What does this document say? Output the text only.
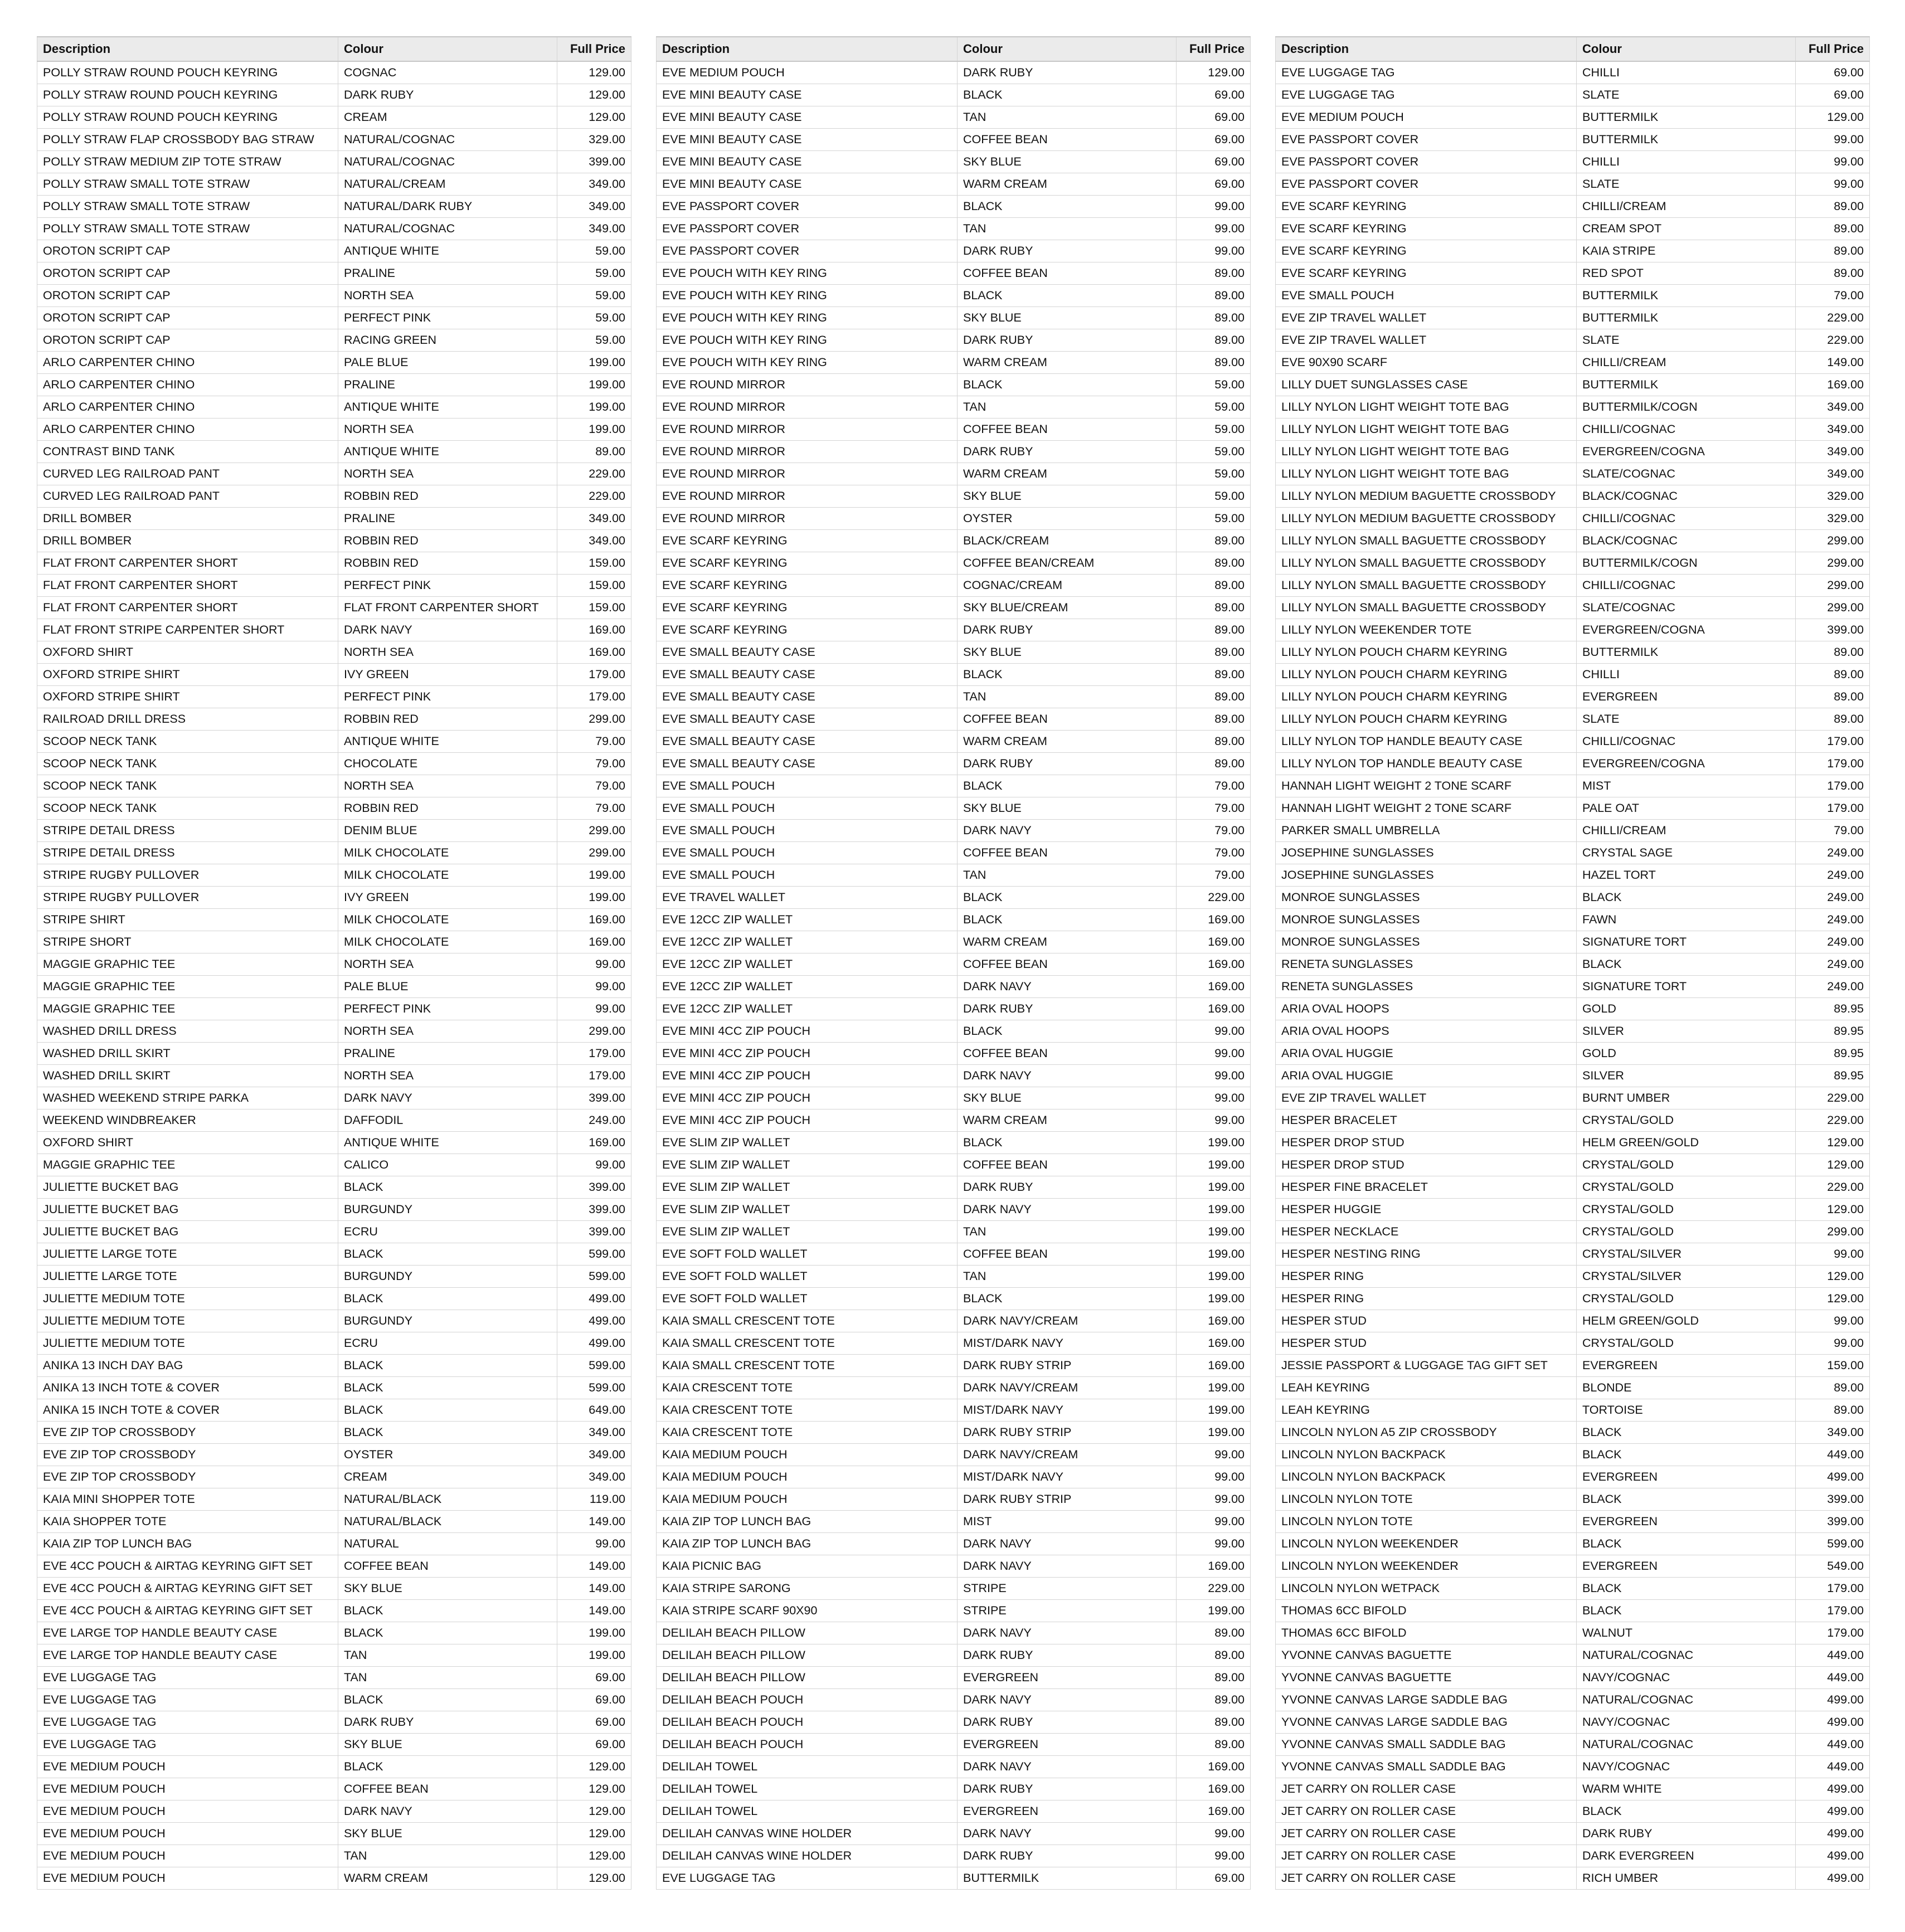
Description	Colour	Full Price
POLLY STRAW ROUND POUCH KEYRING	COGNAC	129.00
POLLY STRAW ROUND POUCH KEYRING	DARK RUBY	129.00
POLLY STRAW ROUND POUCH KEYRING	CREAM	129.00
POLLY STRAW FLAP CROSSBODY BAG STRAW	NATURAL/COGNAC	329.00
POLLY STRAW MEDIUM ZIP TOTE STRAW	NATURAL/COGNAC	399.00
POLLY STRAW SMALL TOTE STRAW	NATURAL/CREAM	349.00
POLLY STRAW SMALL TOTE STRAW	NATURAL/DARK RUBY	349.00
POLLY STRAW SMALL TOTE STRAW	NATURAL/COGNAC	349.00
OROTON SCRIPT CAP	ANTIQUE WHITE	59.00
OROTON SCRIPT CAP	PRALINE	59.00
OROTON SCRIPT CAP	NORTH SEA	59.00
OROTON SCRIPT CAP	PERFECT PINK	59.00
OROTON SCRIPT CAP	RACING GREEN	59.00
ARLO CARPENTER CHINO	PALE BLUE	199.00
ARLO CARPENTER CHINO	PRALINE	199.00
ARLO CARPENTER CHINO	ANTIQUE WHITE	199.00
ARLO CARPENTER CHINO	NORTH SEA	199.00
CONTRAST BIND TANK	ANTIQUE WHITE	89.00
CURVED LEG RAILROAD PANT	NORTH SEA	229.00
CURVED LEG RAILROAD PANT	ROBBIN RED	229.00
DRILL BOMBER	PRALINE	349.00
DRILL BOMBER	ROBBIN RED	349.00
FLAT FRONT CARPENTER SHORT	ROBBIN RED	159.00
FLAT FRONT CARPENTER SHORT	PERFECT PINK	159.00
FLAT FRONT CARPENTER SHORT	FLAT FRONT CARPENTER SHORT	159.00
FLAT FRONT STRIPE CARPENTER SHORT	DARK NAVY	169.00
OXFORD SHIRT	NORTH SEA	169.00
OXFORD STRIPE SHIRT	IVY GREEN	179.00
OXFORD STRIPE SHIRT	PERFECT PINK	179.00
RAILROAD DRILL DRESS	ROBBIN RED	299.00
SCOOP NECK TANK	ANTIQUE WHITE	79.00
SCOOP NECK TANK	CHOCOLATE	79.00
SCOOP NECK TANK	NORTH SEA	79.00
SCOOP NECK TANK	ROBBIN RED	79.00
STRIPE DETAIL DRESS	DENIM BLUE	299.00
STRIPE DETAIL DRESS	MILK CHOCOLATE	299.00
STRIPE RUGBY PULLOVER	MILK CHOCOLATE	199.00
STRIPE RUGBY PULLOVER	IVY GREEN	199.00
STRIPE SHIRT	MILK CHOCOLATE	169.00
STRIPE SHORT	MILK CHOCOLATE	169.00
MAGGIE GRAPHIC TEE	NORTH SEA	99.00
MAGGIE GRAPHIC TEE	PALE BLUE	99.00
MAGGIE GRAPHIC TEE	PERFECT PINK	99.00
WASHED DRILL DRESS	NORTH SEA	299.00
WASHED DRILL SKIRT	PRALINE	179.00
WASHED DRILL SKIRT	NORTH SEA	179.00
WASHED WEEKEND STRIPE PARKA	DARK NAVY	399.00
WEEKEND WINDBREAKER	DAFFODIL	249.00
OXFORD SHIRT	ANTIQUE WHITE	169.00
MAGGIE GRAPHIC TEE	CALICO	99.00
JULIETTE BUCKET BAG	BLACK	399.00
JULIETTE BUCKET BAG	BURGUNDY	399.00
JULIETTE BUCKET BAG	ECRU	399.00
JULIETTE LARGE TOTE	BLACK	599.00
JULIETTE LARGE TOTE	BURGUNDY	599.00
JULIETTE MEDIUM TOTE	BLACK	499.00
JULIETTE MEDIUM TOTE	BURGUNDY	499.00
JULIETTE MEDIUM TOTE	ECRU	499.00
ANIKA 13 INCH DAY BAG	BLACK	599.00
ANIKA 13 INCH TOTE & COVER	BLACK	599.00
ANIKA 15 INCH TOTE & COVER	BLACK	649.00
EVE ZIP TOP CROSSBODY	BLACK	349.00
EVE ZIP TOP CROSSBODY	OYSTER	349.00
EVE ZIP TOP CROSSBODY	CREAM	349.00
KAIA MINI SHOPPER TOTE	NATURAL/BLACK	119.00
KAIA SHOPPER TOTE	NATURAL/BLACK	149.00
KAIA ZIP TOP LUNCH BAG	NATURAL	99.00
EVE 4CC POUCH & AIRTAG KEYRING GIFT SET	COFFEE BEAN	149.00
EVE 4CC POUCH & AIRTAG KEYRING GIFT SET	SKY BLUE	149.00
EVE 4CC POUCH & AIRTAG KEYRING GIFT SET	BLACK	149.00
EVE LARGE TOP HANDLE BEAUTY CASE	BLACK	199.00
EVE LARGE TOP HANDLE BEAUTY CASE	TAN	199.00
EVE LUGGAGE TAG	TAN	69.00
EVE LUGGAGE TAG	BLACK	69.00
EVE LUGGAGE TAG	DARK RUBY	69.00
EVE LUGGAGE TAG	SKY BLUE	69.00
EVE MEDIUM POUCH	BLACK	129.00
EVE MEDIUM POUCH	COFFEE BEAN	129.00
EVE MEDIUM POUCH	DARK NAVY	129.00
EVE MEDIUM POUCH	SKY BLUE	129.00
EVE MEDIUM POUCH	TAN	129.00
EVE MEDIUM POUCH	WARM CREAM	129.00
Description	Colour	Full Price
EVE MEDIUM POUCH	DARK RUBY	129.00
EVE MINI BEAUTY CASE	BLACK	69.00
EVE MINI BEAUTY CASE	TAN	69.00
EVE MINI BEAUTY CASE	COFFEE BEAN	69.00
EVE MINI BEAUTY CASE	SKY BLUE	69.00
EVE MINI BEAUTY CASE	WARM CREAM	69.00
EVE PASSPORT COVER	BLACK	99.00
EVE PASSPORT COVER	TAN	99.00
EVE PASSPORT COVER	DARK RUBY	99.00
EVE POUCH WITH KEY RING	COFFEE BEAN	89.00
EVE POUCH WITH KEY RING	BLACK	89.00
EVE POUCH WITH KEY RING	SKY BLUE	89.00
EVE POUCH WITH KEY RING	DARK RUBY	89.00
EVE POUCH WITH KEY RING	WARM CREAM	89.00
EVE ROUND MIRROR	BLACK	59.00
EVE ROUND MIRROR	TAN	59.00
EVE ROUND MIRROR	COFFEE BEAN	59.00
EVE ROUND MIRROR	DARK RUBY	59.00
EVE ROUND MIRROR	WARM CREAM	59.00
EVE ROUND MIRROR	SKY BLUE	59.00
EVE ROUND MIRROR	OYSTER	59.00
EVE SCARF KEYRING	BLACK/CREAM	89.00
EVE SCARF KEYRING	COFFEE BEAN/CREAM	89.00
EVE SCARF KEYRING	COGNAC/CREAM	89.00
EVE SCARF KEYRING	SKY BLUE/CREAM	89.00
EVE SCARF KEYRING	DARK RUBY	89.00
EVE SMALL BEAUTY CASE	SKY BLUE	89.00
EVE SMALL BEAUTY CASE	BLACK	89.00
EVE SMALL BEAUTY CASE	TAN	89.00
EVE SMALL BEAUTY CASE	COFFEE BEAN	89.00
EVE SMALL BEAUTY CASE	WARM CREAM	89.00
EVE SMALL BEAUTY CASE	DARK RUBY	89.00
EVE SMALL POUCH	BLACK	79.00
EVE SMALL POUCH	SKY BLUE	79.00
EVE SMALL POUCH	DARK NAVY	79.00
EVE SMALL POUCH	COFFEE BEAN	79.00
EVE SMALL POUCH	TAN	79.00
EVE TRAVEL WALLET	BLACK	229.00
EVE 12CC ZIP WALLET	BLACK	169.00
EVE 12CC ZIP WALLET	WARM CREAM	169.00
EVE 12CC ZIP WALLET	COFFEE BEAN	169.00
EVE 12CC ZIP WALLET	DARK NAVY	169.00
EVE 12CC ZIP WALLET	DARK RUBY	169.00
EVE MINI 4CC ZIP POUCH	BLACK	99.00
EVE MINI 4CC ZIP POUCH	COFFEE BEAN	99.00
EVE MINI 4CC ZIP POUCH	DARK NAVY	99.00
EVE MINI 4CC ZIP POUCH	SKY BLUE	99.00
EVE MINI 4CC ZIP POUCH	WARM CREAM	99.00
EVE SLIM ZIP WALLET	BLACK	199.00
EVE SLIM ZIP WALLET	COFFEE BEAN	199.00
EVE SLIM ZIP WALLET	DARK RUBY	199.00
EVE SLIM ZIP WALLET	DARK NAVY	199.00
EVE SLIM ZIP WALLET	TAN	199.00
EVE SOFT FOLD WALLET	COFFEE BEAN	199.00
EVE SOFT FOLD WALLET	TAN	199.00
EVE SOFT FOLD WALLET	BLACK	199.00
KAIA SMALL CRESCENT TOTE	DARK NAVY/CREAM	169.00
KAIA SMALL CRESCENT TOTE	MIST/DARK NAVY	169.00
KAIA SMALL CRESCENT TOTE	DARK RUBY STRIP	169.00
KAIA CRESCENT TOTE	DARK NAVY/CREAM	199.00
KAIA CRESCENT TOTE	MIST/DARK NAVY	199.00
KAIA CRESCENT TOTE	DARK RUBY STRIP	199.00
KAIA MEDIUM POUCH	DARK NAVY/CREAM	99.00
KAIA MEDIUM POUCH	MIST/DARK NAVY	99.00
KAIA MEDIUM POUCH	DARK RUBY STRIP	99.00
KAIA ZIP TOP LUNCH BAG	MIST	99.00
KAIA ZIP TOP LUNCH BAG	DARK NAVY	99.00
KAIA PICNIC BAG	DARK NAVY	169.00
KAIA STRIPE SARONG	STRIPE	229.00
KAIA STRIPE SCARF 90X90	STRIPE	199.00
DELILAH BEACH PILLOW	DARK NAVY	89.00
DELILAH BEACH PILLOW	DARK RUBY	89.00
DELILAH BEACH PILLOW	EVERGREEN	89.00
DELILAH BEACH POUCH	DARK NAVY	89.00
DELILAH BEACH POUCH	DARK RUBY	89.00
DELILAH BEACH POUCH	EVERGREEN	89.00
DELILAH TOWEL	DARK NAVY	169.00
DELILAH TOWEL	DARK RUBY	169.00
DELILAH TOWEL	EVERGREEN	169.00
DELILAH CANVAS WINE HOLDER	DARK NAVY	99.00
DELILAH CANVAS WINE HOLDER	DARK RUBY	99.00
EVE LUGGAGE TAG	BUTTERMILK	69.00
Description	Colour	Full Price
EVE LUGGAGE TAG	CHILLI	69.00
EVE LUGGAGE TAG	SLATE	69.00
EVE MEDIUM POUCH	BUTTERMILK	129.00
EVE PASSPORT COVER	BUTTERMILK	99.00
EVE PASSPORT COVER	CHILLI	99.00
EVE PASSPORT COVER	SLATE	99.00
EVE SCARF KEYRING	CHILLI/CREAM	89.00
EVE SCARF KEYRING	CREAM SPOT	89.00
EVE SCARF KEYRING	KAIA STRIPE	89.00
EVE SCARF KEYRING	RED SPOT	89.00
EVE SMALL POUCH	BUTTERMILK	79.00
EVE ZIP TRAVEL WALLET	BUTTERMILK	229.00
EVE ZIP TRAVEL WALLET	SLATE	229.00
EVE 90X90 SCARF	CHILLI/CREAM	149.00
LILLY DUET SUNGLASSES CASE	BUTTERMILK	169.00
LILLY NYLON LIGHT WEIGHT TOTE BAG	BUTTERMILK/COGN	349.00
LILLY NYLON LIGHT WEIGHT TOTE BAG	CHILLI/COGNAC	349.00
LILLY NYLON LIGHT WEIGHT TOTE BAG	EVERGREEN/COGNA	349.00
LILLY NYLON LIGHT WEIGHT TOTE BAG	SLATE/COGNAC	349.00
LILLY NYLON MEDIUM BAGUETTE CROSSBODY	BLACK/COGNAC	329.00
LILLY NYLON MEDIUM BAGUETTE CROSSBODY	CHILLI/COGNAC	329.00
LILLY NYLON SMALL BAGUETTE CROSSBODY	BLACK/COGNAC	299.00
LILLY NYLON SMALL BAGUETTE CROSSBODY	BUTTERMILK/COGN	299.00
LILLY NYLON SMALL BAGUETTE CROSSBODY	CHILLI/COGNAC	299.00
LILLY NYLON SMALL BAGUETTE CROSSBODY	SLATE/COGNAC	299.00
LILLY NYLON WEEKENDER TOTE	EVERGREEN/COGNA	399.00
LILLY NYLON POUCH CHARM KEYRING	BUTTERMILK	89.00
LILLY NYLON POUCH CHARM KEYRING	CHILLI	89.00
LILLY NYLON POUCH CHARM KEYRING	EVERGREEN	89.00
LILLY NYLON POUCH CHARM KEYRING	SLATE	89.00
LILLY NYLON TOP HANDLE BEAUTY CASE	CHILLI/COGNAC	179.00
LILLY NYLON TOP HANDLE BEAUTY CASE	EVERGREEN/COGNA	179.00
HANNAH LIGHT WEIGHT 2 TONE SCARF	MIST	179.00
HANNAH LIGHT WEIGHT 2 TONE SCARF	PALE OAT	179.00
PARKER SMALL UMBRELLA	CHILLI/CREAM	79.00
JOSEPHINE SUNGLASSES	CRYSTAL SAGE	249.00
JOSEPHINE SUNGLASSES	HAZEL TORT	249.00
MONROE SUNGLASSES	BLACK	249.00
MONROE SUNGLASSES	FAWN	249.00
MONROE SUNGLASSES	SIGNATURE TORT	249.00
RENETA SUNGLASSES	BLACK	249.00
RENETA SUNGLASSES	SIGNATURE TORT	249.00
ARIA OVAL HOOPS	GOLD	89.95
ARIA OVAL HOOPS	SILVER	89.95
ARIA OVAL HUGGIE	GOLD	89.95
ARIA OVAL HUGGIE	SILVER	89.95
EVE ZIP TRAVEL WALLET	BURNT UMBER	229.00
HESPER BRACELET	CRYSTAL/GOLD	229.00
HESPER DROP STUD	HELM GREEN/GOLD	129.00
HESPER DROP STUD	CRYSTAL/GOLD	129.00
HESPER FINE BRACELET	CRYSTAL/GOLD	229.00
HESPER HUGGIE	CRYSTAL/GOLD	129.00
HESPER NECKLACE	CRYSTAL/GOLD	299.00
HESPER NESTING RING	CRYSTAL/SILVER	99.00
HESPER RING	CRYSTAL/SILVER	129.00
HESPER RING	CRYSTAL/GOLD	129.00
HESPER STUD	HELM GREEN/GOLD	99.00
HESPER STUD	CRYSTAL/GOLD	99.00
JESSIE PASSPORT & LUGGAGE TAG GIFT SET	EVERGREEN	159.00
LEAH KEYRING	BLONDE	89.00
LEAH KEYRING	TORTOISE	89.00
LINCOLN NYLON A5 ZIP CROSSBODY	BLACK	349.00
LINCOLN NYLON BACKPACK	BLACK	449.00
LINCOLN NYLON BACKPACK	EVERGREEN	499.00
LINCOLN NYLON TOTE	BLACK	399.00
LINCOLN NYLON TOTE	EVERGREEN	399.00
LINCOLN NYLON WEEKENDER	BLACK	599.00
LINCOLN NYLON WEEKENDER	EVERGREEN	549.00
LINCOLN NYLON WETPACK	BLACK	179.00
THOMAS 6CC BIFOLD	BLACK	179.00
THOMAS 6CC BIFOLD	WALNUT	179.00
YVONNE CANVAS BAGUETTE	NATURAL/COGNAC	449.00
YVONNE CANVAS BAGUETTE	NAVY/COGNAC	449.00
YVONNE CANVAS LARGE SADDLE BAG	NATURAL/COGNAC	499.00
YVONNE CANVAS LARGE SADDLE BAG	NAVY/COGNAC	499.00
YVONNE CANVAS SMALL SADDLE BAG	NATURAL/COGNAC	449.00
YVONNE CANVAS SMALL SADDLE BAG	NAVY/COGNAC	449.00
JET CARRY ON ROLLER CASE	WARM WHITE	499.00
JET CARRY ON ROLLER CASE	BLACK	499.00
JET CARRY ON ROLLER CASE	DARK RUBY	499.00
JET CARRY ON ROLLER CASE	DARK EVERGREEN	499.00
JET CARRY ON ROLLER CASE	RICH UMBER	499.00
